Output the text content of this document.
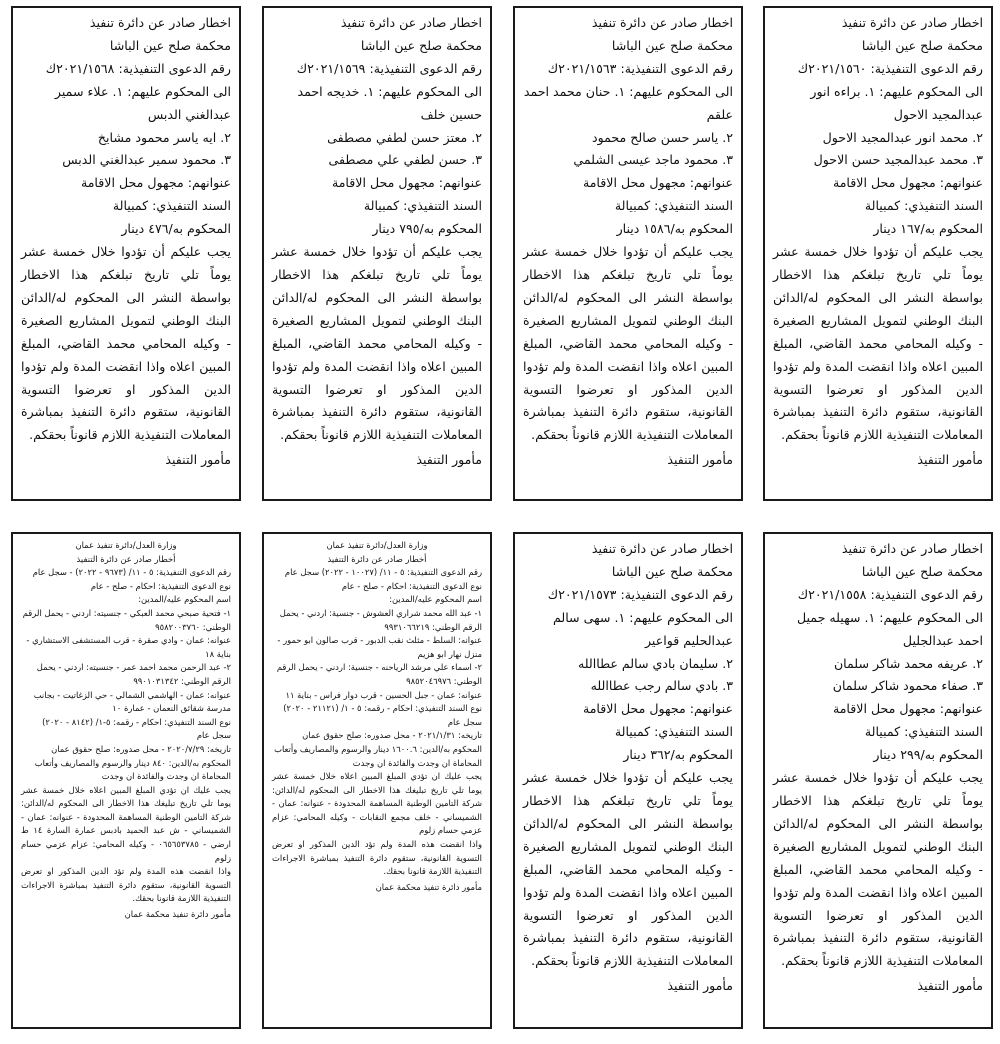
اخطار صادر عن دائرة تنفيذ

محكمة صلح عين الباشا

رقم الدعوى التنفيذية: ٢٠٢١/١٥٦٠ك

الى المحكوم عليهم: ١. براءه انور عبدالمجيد الاحول

٢. محمد انور عبدالمجيد الاحول

٣. محمد عبدالمجيد حسن الاحول

عنوانهم: مجهول محل الاقامة

السند التنفيذي: كمبيالة

المحكوم به/١٦٧ دينار

يجب عليكم أن تؤدوا خلال خمسة عشر يوماً تلي تاريخ تبلغكم هذا الاخطار بواسطة النشر الى المحكوم له/الدائن البنك الوطني لتمويل المشاريع الصغيرة - وكيله المحامي محمد القاضي، المبلغ المبين اعلاه واذا انقضت المدة ولم تؤدوا الدين المذكور او تعرضوا التسوية القانونية، ستقوم دائرة التنفيذ بمباشرة المعاملات التنفيذية اللازم قانوناً بحقكم.

مأمور التنفيذ

اخطار صادر عن دائرة تنفيذ

محكمة صلح عين الباشا

رقم الدعوى التنفيذية: ٢٠٢١/١٥٦٣ك

الى المحكوم عليهم: ١. حنان محمد احمد علقم

٢. ياسر حسن صالح محمود

٣. محمود ماجد عيسى الشلمي

عنوانهم: مجهول محل الاقامة

السند التنفيذي: كمبيالة

المحكوم به/١٥٨٦ دينار

يجب عليكم أن تؤدوا خلال خمسة عشر يوماً تلي تاريخ تبلغكم هذا الاخطار بواسطة النشر الى المحكوم له/الدائن البنك الوطني لتمويل المشاريع الصغيرة - وكيله المحامي محمد القاضي، المبلغ المبين اعلاه واذا انقضت المدة ولم تؤدوا الدين المذكور او تعرضوا التسوية القانونية، ستقوم دائرة التنفيذ بمباشرة المعاملات التنفيذية اللازم قانوناً بحقكم.

مأمور التنفيذ

اخطار صادر عن دائرة تنفيذ

محكمة صلح عين الباشا

رقم الدعوى التنفيذية: ٢٠٢١/١٥٦٩ك

الى المحكوم عليهم: ١. خديجه احمد حسين خلف

٢. معتز حسن لطفي مصطفى

٣. حسن لطفي علي مصطفى

عنوانهم: مجهول محل الاقامة

السند التنفيذي: كمبيالة

المحكوم به/٧٩٥ دينار

يجب عليكم أن تؤدوا خلال خمسة عشر يوماً تلي تاريخ تبلغكم هذا الاخطار بواسطة النشر الى المحكوم له/الدائن البنك الوطني لتمويل المشاريع الصغيرة - وكيله المحامي محمد القاضي، المبلغ المبين اعلاه واذا انقضت المدة ولم تؤدوا الدين المذكور او تعرضوا التسوية القانونية، ستقوم دائرة التنفيذ بمباشرة المعاملات التنفيذية اللازم قانوناً بحقكم.

مأمور التنفيذ

اخطار صادر عن دائرة تنفيذ

محكمة صلح عين الباشا

رقم الدعوى التنفيذية: ٢٠٢١/١٥٦٨ك

الى المحكوم عليهم: ١. علاء سمير عبدالغني الدبس

٢. ايه ياسر محمود مشايخ

٣. محمود سمير عبدالغني الدبس

عنوانهم: مجهول محل الاقامة

السند التنفيذي: كمبيالة

المحكوم به/٤٧٦ دينار

يجب عليكم أن تؤدوا خلال خمسة عشر يوماً تلي تاريخ تبلغكم هذا الاخطار بواسطة النشر الى المحكوم له/الدائن البنك الوطني لتمويل المشاريع الصغيرة - وكيله المحامي محمد القاضي، المبلغ المبين اعلاه واذا انقضت المدة ولم تؤدوا الدين المذكور او تعرضوا التسوية القانونية، ستقوم دائرة التنفيذ بمباشرة المعاملات التنفيذية اللازم قانوناً بحقكم.

مأمور التنفيذ

اخطار صادر عن دائرة تنفيذ

محكمة صلح عين الباشا

رقم الدعوى التنفيذية: ٢٠٢١/١٥٥٨ك

الى المحكوم عليهم: ١. سهيله جميل احمد عبدالجليل

٢. عريفه محمد شاكر سلمان

٣. صفاء محمود شاكر سلمان

عنوانهم: مجهول محل الاقامة

السند التنفيذي: كمبيالة

المحكوم به/٢٩٩ دينار

يجب عليكم أن تؤدوا خلال خمسة عشر يوماً تلي تاريخ تبلغكم هذا الاخطار بواسطة النشر الى المحكوم له/الدائن البنك الوطني لتمويل المشاريع الصغيرة - وكيله المحامي محمد القاضي، المبلغ المبين اعلاه واذا انقضت المدة ولم تؤدوا الدين المذكور او تعرضوا التسوية القانونية، ستقوم دائرة التنفيذ بمباشرة المعاملات التنفيذية اللازم قانوناً بحقكم.

مأمور التنفيذ

اخطار صادر عن دائرة تنفيذ

محكمة صلح عين الباشا

رقم الدعوى التنفيذية: ٢٠٢١/١٥٧٣ك

الى المحكوم عليهم: ١. سهى سالم عبدالحليم قواعير

٢. سليمان بادي سالم عطاالله

٣. بادي سالم رجب عطاالله

عنوانهم: مجهول محل الاقامة

السند التنفيذي: كمبيالة

المحكوم به/٣٦٢ دينار

يجب عليكم أن تؤدوا خلال خمسة عشر يوماً تلي تاريخ تبلغكم هذا الاخطار بواسطة النشر الى المحكوم له/الدائن البنك الوطني لتمويل المشاريع الصغيرة - وكيله المحامي محمد القاضي، المبلغ المبين اعلاه واذا انقضت المدة ولم تؤدوا الدين المذكور او تعرضوا التسوية القانونية، ستقوم دائرة التنفيذ بمباشرة المعاملات التنفيذية اللازم قانوناً بحقكم.

مأمور التنفيذ

وزارة العدل/دائرة تنفيذ عمان

أخطار صادر عن دائرة التنفيذ

رقم الدعوى التنفيذية: ٥ - ١١/ (١٠٠٢٧ - ٢٠٢٢) سجل عام

نوع الدعوى التنفيذية: احكام - صلح - عام

اسم المحكوم عليه/المدين:

١- عبد الله محمد شراري العشوش - جنسية: اردني - يحمل الرقم الوطني: ٩٩٣١٠٦٦٢١٩

عنوانه: السلط - مثلث نقب الدبور - قرب صالون ابو حمور - منزل نهار ابو هزيم

٢- اسماء علي مرشد الرياحنه - جنسية: اردني - يحمل الرقم الوطني: ٩٨٥٢٠٤٦٩٧٦

عنوانه: عمان - جبل الحسين - قرب دوار فراس - بناية ١١

نوع السند التنفيذي: احكام - رقمه: ٥ - ١/ (٢١١٢١ - ٢٠٢٠) سجل عام

تاريخه: ٢٠٢١/١/٣١ - محل صدوره: صلح حقوق عمان

المحكوم به/الدين: ١٦٠٠.٦ دينار والرسوم والمصاريف وأتعاب المحاماة ان وجدت والفائدة ان وجدت

يجب عليك ان تؤدي المبلغ المبين اعلاه خلال خمسة عشر يوما تلي تاريخ تبليغك هذا الاخطار الى المحكوم له/الدائن: شركة التامين الوطنية المساهمة المحدودة - عنوانه: عمان - الشميساني - خلف مجمع النقابات - وكيله المحامي: عزام عزمي حسام زلوم

واذا انقضت هذه المدة ولم تؤد الدين المذكور او تعرض التسوية القانونية، ستقوم دائرة التنفيذ بمباشرة الاجراءات التنفيذية اللازمة قانونا بحقك.

مأمور دائرة تنفيذ محكمة عمان

وزارة العدل/دائرة تنفيذ عمان

أخطار صادر عن دائرة التنفيذ

رقم الدعوى التنفيذية: ٥ - ١١/ (٩٦٧٣ - ٢٠٢٢) - سجل عام

نوع الدعوى التنفيذية: احكام - صلح - عام

اسم المحكوم عليه/المدين:

١- فتحية صبحي محمد العبكي - جنسيته: اردني - يحمل الرقم الوطني: ٩٥٨٢٠٠٣٧٦٠

عنوانه: عمان - وادي صقرة - قرب المستشفى الاستشاري - بناية ١٨

٢- عبد الرحمن محمد احمد عمر - جنسيته: اردني - يحمل الرقم الوطني: ٩٩٠١٠٣١٣٤٢

عنوانه: عمان - الهاشمي الشمالي - حي الزغاتيت - بجانب مدرسة شقائق النعمان - عمارة ١٠

نوع السند التنفيذي: احكام - رقمه: ٥-١/ (٨١٤٢ - ٢٠٢٠) سجل عام

تاريخه: ٢٠٢٠/٧/٢٩ - محل صدوره: صلح حقوق عمان

المحكوم به/الدين: ٨٤٠ دينار والرسوم والمصاريف وأتعاب المحاماة ان وجدت والفائدة ان وجدت

يجب عليك ان تؤدي المبلغ المبين اعلاه خلال خمسة عشر يوما تلي تاريخ تبليغك هذا الاخطار الى المحكوم له/الدائن: شركة التامين الوطنية المساهمة المحدودة - عنوانه: عمان - الشميساني - ش عبد الحميد بادبس عمارة السارة ١٤ ط ارضي - ٠٦٥٦٥٣٧٨٥ - وكيله المحامي: عزام عزمي حسام زلوم

واذا انقضت هذه المدة ولم تؤد الدين المذكور او تعرض التسوية القانونية، ستقوم دائرة التنفيذ بمباشرة الاجراءات التنفيذية اللازمة قانونا بحقك.

مأمور دائرة تنفيذ محكمة عمان
